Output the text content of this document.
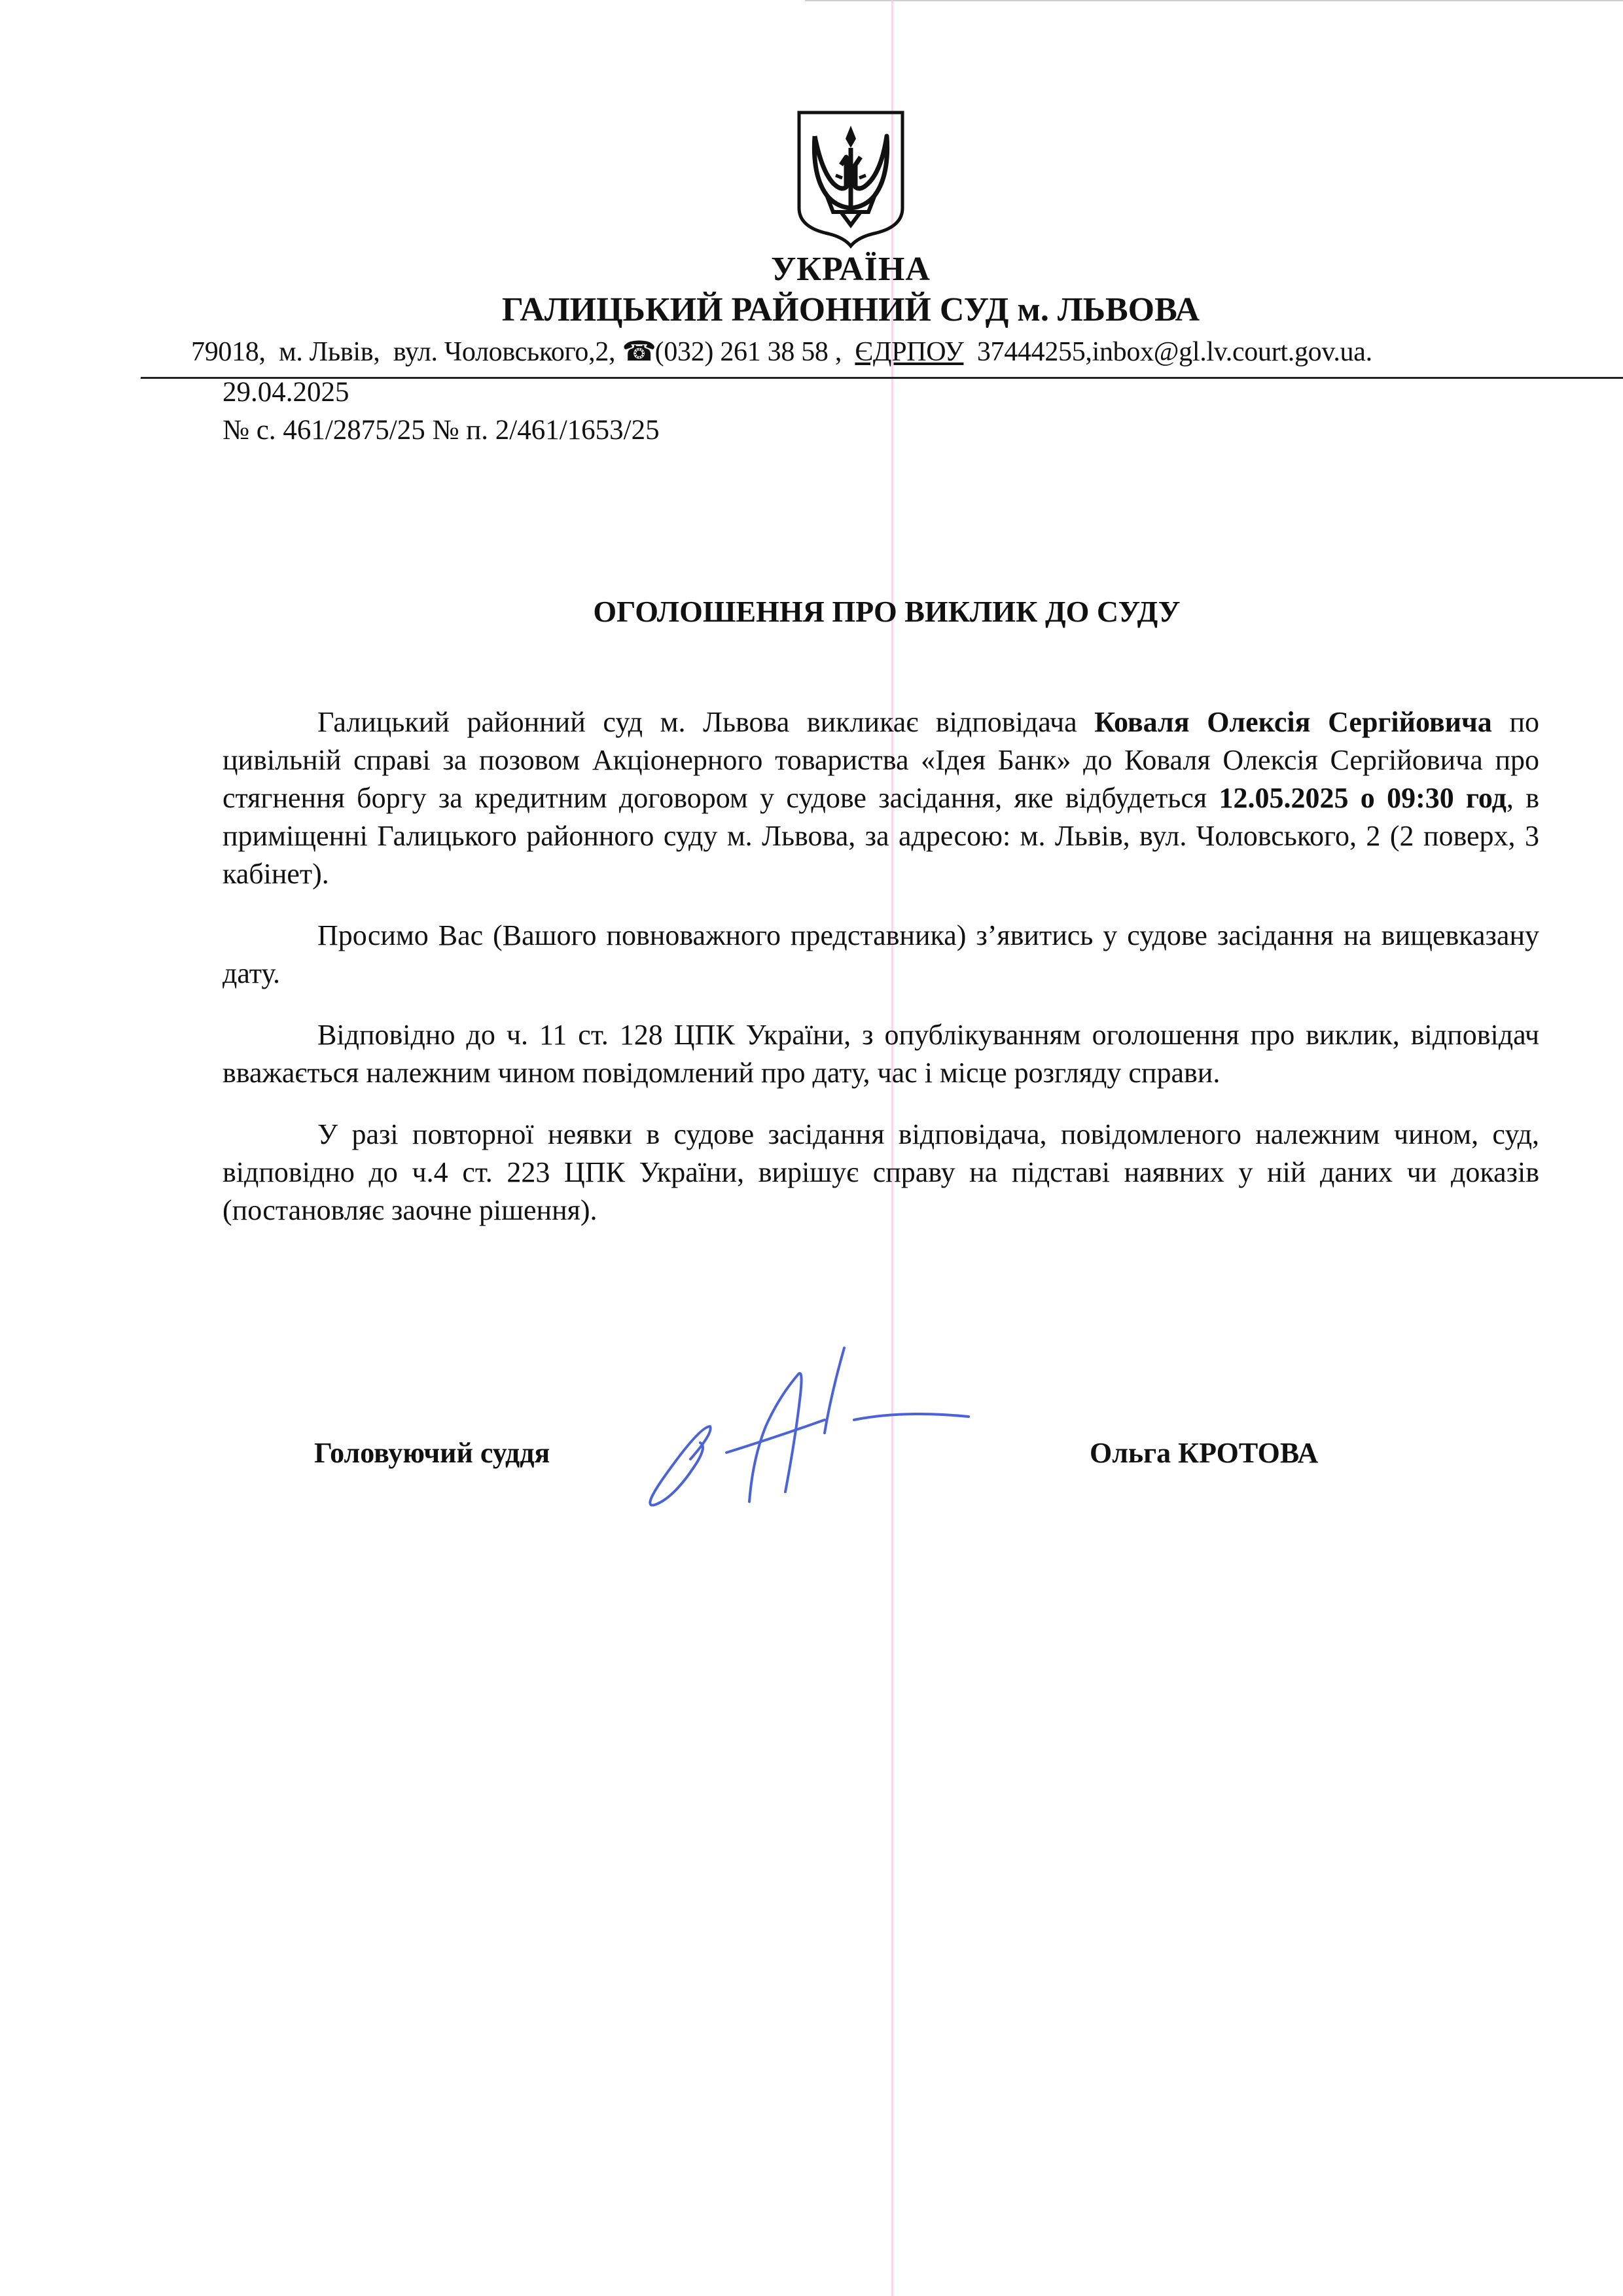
УКРАЇНА
ГАЛИЦЬКИЙ РАЙОННИЙ СУД м. ЛЬВОВА
79018, м. Львів, вул. Чоловського,2, ☎ (032) 261 38 58 , ЄДРПОУ 37444255,inbox@gl.lv.court.gov.ua.
29.04.2025
№ с. 461/2875/25 № п. 2/461/1653/25
ОГОЛОШЕННЯ ПРО ВИКЛИК ДО СУДУ

Галицький районний суд м. Львова викликає відповідача Коваля Олексія Сергійовича по цивільній справі за позовом Акціонерного товариства «Ідея Банк» до Коваля Олексія Сергійовича про стягнення боргу за кредитним договором у судове засідання, яке відбудеться 12.05.2025 о 09:30 год, в приміщенні Галицького районного суду м. Львова, за адресою: м. Львів, вул. Чоловського, 2 (2 поверх, 3 кабінет).

Просимо Вас (Вашого повноважного представника) з’явитись у судове засідання на вищевказану дату.

Відповідно до ч. 11 ст. 128 ЦПК України, з опублікуванням оголошення про виклик, відповідач вважається належним чином повідомлений про дату, час і місце розгляду справи.

У разі повторної неявки в судове засідання відповідача, повідомленого належним чином, суд, відповідно до ч.4 ст. 223 ЦПК України, вирішує справу на підставі наявних у ній даних чи доказів (постановляє заочне рішення).

Головуючий суддя	Ольга КРОТОВА
